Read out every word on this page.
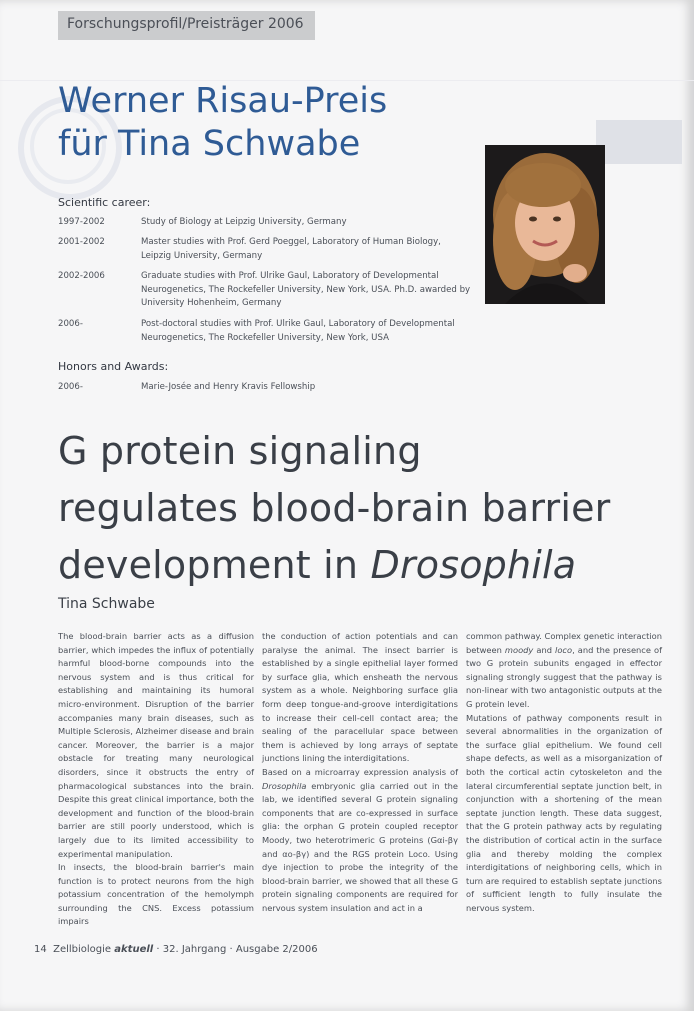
Forschungsprofil/Preisträger 2006
Werner Risau-Preis
für Tina Schwabe
Scientific career:
1997-2002	Study of Biology at Leipzig University, Germany
2001-2002	Master studies with Prof. Gerd Poeggel, Laboratory of Human Biology, Leipzig University, Germany
2002-2006	Graduate studies with Prof. Ulrike Gaul, Laboratory of Developmental Neurogenetics, The Rockefeller University, New York, USA. Ph.D. awarded by University Hohenheim, Germany
2006-	Post-doctoral studies with Prof. Ulrike Gaul, Laboratory of Developmental Neurogenetics, The Rockefeller University, New York, USA
Honors and Awards:
2006-	Marie-Josée and Henry Kravis Fellowship
G protein signaling
regulates blood-brain barrier
development in Drosophila
Tina Schwabe

The blood-brain barrier acts as a diffusion barrier, which impedes the influx of potentially harmful blood-borne compounds into the nervous system and is thus critical for establishing and maintaining its humoral micro-environment. Disruption of the barrier accompanies many brain diseases, such as Multiple Sclerosis, Alzheimer disease and brain cancer. Moreover, the barrier is a major obstacle for treating many neurological disorders, since it obstructs the entry of pharmacological substances into the brain. Despite this great clinical importance, both the development and function of the blood-brain barrier are still poorly understood, which is largely due to its limited accessibility to experimental manipulation.

In insects, the blood-brain barrier's main function is to protect neurons from the high potassium concentration of the hemolymph surrounding the CNS. Excess potassium impairs

the conduction of action potentials and can paralyse the animal. The insect barrier is established by a single epithelial layer formed by surface glia, which ensheath the nervous system as a whole. Neighboring surface glia form deep tongue-and-groove interdigitations to increase their cell-cell contact area; the sealing of the paracellular space between them is achieved by long arrays of septate junctions lining the interdigitations.

Based on a microarray expression analysis of Drosophila embryonic glia carried out in the lab, we identified several G protein signaling components that are co-expressed in surface glia: the orphan G protein coupled receptor Moody, two heterotrimeric G proteins (Gαi-βγ and αo-βγ) and the RGS protein Loco. Using dye injection to probe the integrity of the blood-brain barrier, we showed that all these G protein signaling components are required for nervous system insulation and act in a

common pathway. Complex genetic interaction between moody and loco, and the presence of two G protein subunits engaged in effector signaling strongly suggest that the pathway is non-linear with two antagonistic outputs at the G protein level.

Mutations of pathway components result in several abnormalities in the organization of the surface glial epithelium. We found cell shape defects, as well as a misorganization of both the cortical actin cytoskeleton and the lateral circumferential septate junction belt, in conjunction with a shortening of the mean septate junction length. These data suggest, that the G protein pathway acts by regulating the distribution of cortical actin in the surface glia and thereby molding the complex interdigitations of neighboring cells, which in turn are required to establish septate junctions of sufficient length to fully insulate the nervous system.

14 Zellbiologie aktuell · 32. Jahrgang · Ausgabe 2/2006
